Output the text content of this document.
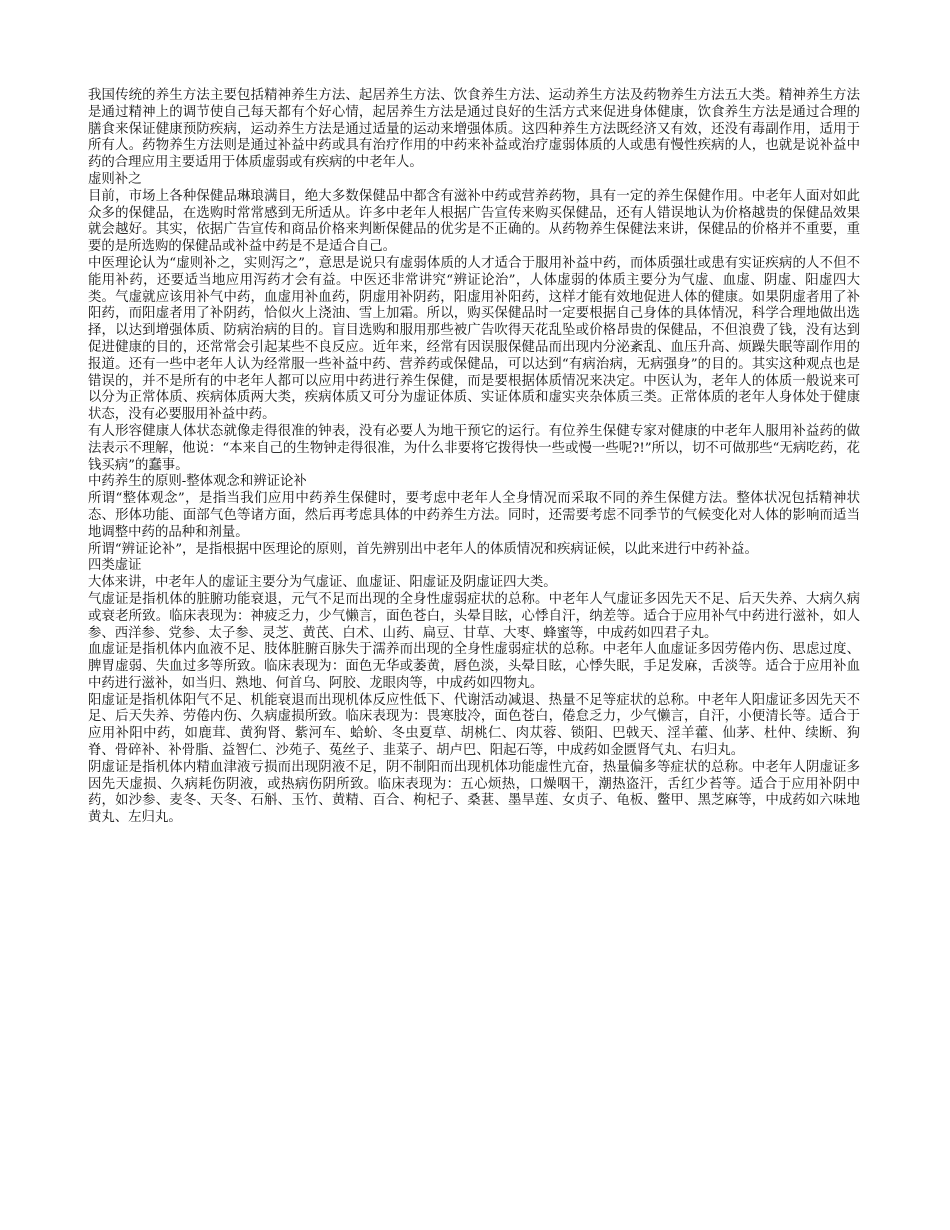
我国传统的养生方法主要包括精神养生方法、起居养生方法、饮食养生方法、运动养生方法及药物养生方法五大类。精神养生方法是通过精神上的调节使自己每天都有个好心情，起居养生方法是通过良好的生活方式来促进身体健康，饮食养生方法是通过合理的膳食来保证健康预防疾病，运动养生方法是通过适量的运动来增强体质。这四种养生方法既经济又有效，还没有毒副作用，适用于所有人。药物养生方法则是通过补益中药或具有治疗作用的中药来补益或治疗虚弱体质的人或患有慢性疾病的人，也就是说补益中药的合理应用主要适用于体质虚弱或有疾病的中老年人。

虚则补之

目前，市场上各种保健品琳琅满目，绝大多数保健品中都含有滋补中药或营养药物，具有一定的养生保健作用。中老年人面对如此众多的保健品，在选购时常常感到无所适从。许多中老年人根据广告宣传来购买保健品，还有人错误地认为价格越贵的保健品效果就会越好。其实，依据广告宣传和商品价格来判断保健品的优劣是不正确的。从药物养生保健法来讲，保健品的价格并不重要，重要的是所选购的保健品或补益中药是不是适合自己。

中医理论认为“虚则补之，实则泻之”，意思是说只有虚弱体质的人才适合于服用补益中药，而体质强壮或患有实证疾病的人不但不能用补药，还要适当地应用泻药才会有益。中医还非常讲究“辨证论治”，人体虚弱的体质主要分为气虚、血虚、阴虚、阳虚四大类。气虚就应该用补气中药，血虚用补血药，阴虚用补阴药，阳虚用补阳药，这样才能有效地促进人体的健康。如果阴虚者用了补阳药，而阳虚者用了补阴药，恰似火上浇油、雪上加霜。所以，购买保健品时一定要根据自己身体的具体情况，科学合理地做出选择，以达到增强体质、防病治病的目的。盲目选购和服用那些被广告吹得天花乱坠或价格昂贵的保健品，不但浪费了钱，没有达到促进健康的目的，还常常会引起某些不良反应。近年来，经常有因误服保健品而出现内分泌紊乱、血压升高、烦躁失眠等副作用的报道。还有一些中老年人认为经常服一些补益中药、营养药或保健品，可以达到“有病治病，无病强身”的目的。其实这种观点也是错误的，并不是所有的中老年人都可以应用中药进行养生保健，而是要根据体质情况来决定。中医认为，老年人的体质一般说来可以分为正常体质、疾病体质两大类，疾病体质又可分为虚证体质、实证体质和虚实夹杂体质三类。正常体质的老年人身体处于健康状态，没有必要服用补益中药。

有人形容健康人体状态就像走得很准的钟表，没有必要人为地干预它的运行。有位养生保健专家对健康的中老年人服用补益药的做法表示不理解，他说：“本来自己的生物钟走得很准，为什么非要将它拨得快一些或慢一些呢?!”所以，切不可做那些“无病吃药，花钱买病”的蠢事。

中药养生的原则-整体观念和辨证论补

所谓“整体观念”，是指当我们应用中药养生保健时，要考虑中老年人全身情况而采取不同的养生保健方法。整体状况包括精神状态、形体功能、面部气色等诸方面，然后再考虑具体的中药养生方法。同时，还需要考虑不同季节的气候变化对人体的影响而适当地调整中药的品种和剂量。

所谓“辨证论补”，是指根据中医理论的原则，首先辨别出中老年人的体质情况和疾病证候，以此来进行中药补益。

四类虚证

大体来讲，中老年人的虚证主要分为气虚证、血虚证、阳虚证及阴虚证四大类。

气虚证是指机体的脏腑功能衰退，元气不足而出现的全身性虚弱症状的总称。中老年人气虚证多因先天不足、后天失养、大病久病或衰老所致。临床表现为：神疲乏力，少气懒言，面色苍白，头晕目眩，心悸自汗，纳差等。适合于应用补气中药进行滋补，如人参、西洋参、党参、太子参、灵芝、黄芪、白术、山药、扁豆、甘草、大枣、蜂蜜等，中成药如四君子丸。

血虚证是指机体内血液不足、肢体脏腑百脉失于濡养而出现的全身性虚弱症状的总称。中老年人血虚证多因劳倦内伤、思虑过度、脾胃虚弱、失血过多等所致。临床表现为：面色无华或萎黄，唇色淡，头晕目眩，心悸失眠，手足发麻，舌淡等。适合于应用补血中药进行滋补，如当归、熟地、何首乌、阿胶、龙眼肉等，中成药如四物丸。

阳虚证是指机体阳气不足、机能衰退而出现机体反应性低下、代谢活动减退、热量不足等症状的总称。中老年人阳虚证多因先天不足、后天失养、劳倦内伤、久病虚损所致。临床表现为：畏寒肢冷，面色苍白，倦怠乏力，少气懒言，自汗，小便清长等。适合于应用补阳中药，如鹿茸、黄狗肾、紫河车、蛤蚧、冬虫夏草、胡桃仁、肉苁蓉、锁阳、巴戟天、淫羊藿、仙茅、杜仲、续断、狗脊、骨碎补、补骨脂、益智仁、沙苑子、菟丝子、韭菜子、胡卢巴、阳起石等，中成药如金匮肾气丸、右归丸。

阴虚证是指机体内精血津液亏损而出现阴液不足，阴不制阳而出现机体功能虚性亢奋，热量偏多等症状的总称。中老年人阴虚证多因先天虚损、久病耗伤阴液，或热病伤阴所致。临床表现为：五心烦热，口燥咽干，潮热盗汗，舌红少苔等。适合于应用补阴中药，如沙参、麦冬、天冬、石斛、玉竹、黄精、百合、枸杞子、桑葚、墨旱莲、女贞子、龟板、鳖甲、黑芝麻等，中成药如六味地黄丸、左归丸。
